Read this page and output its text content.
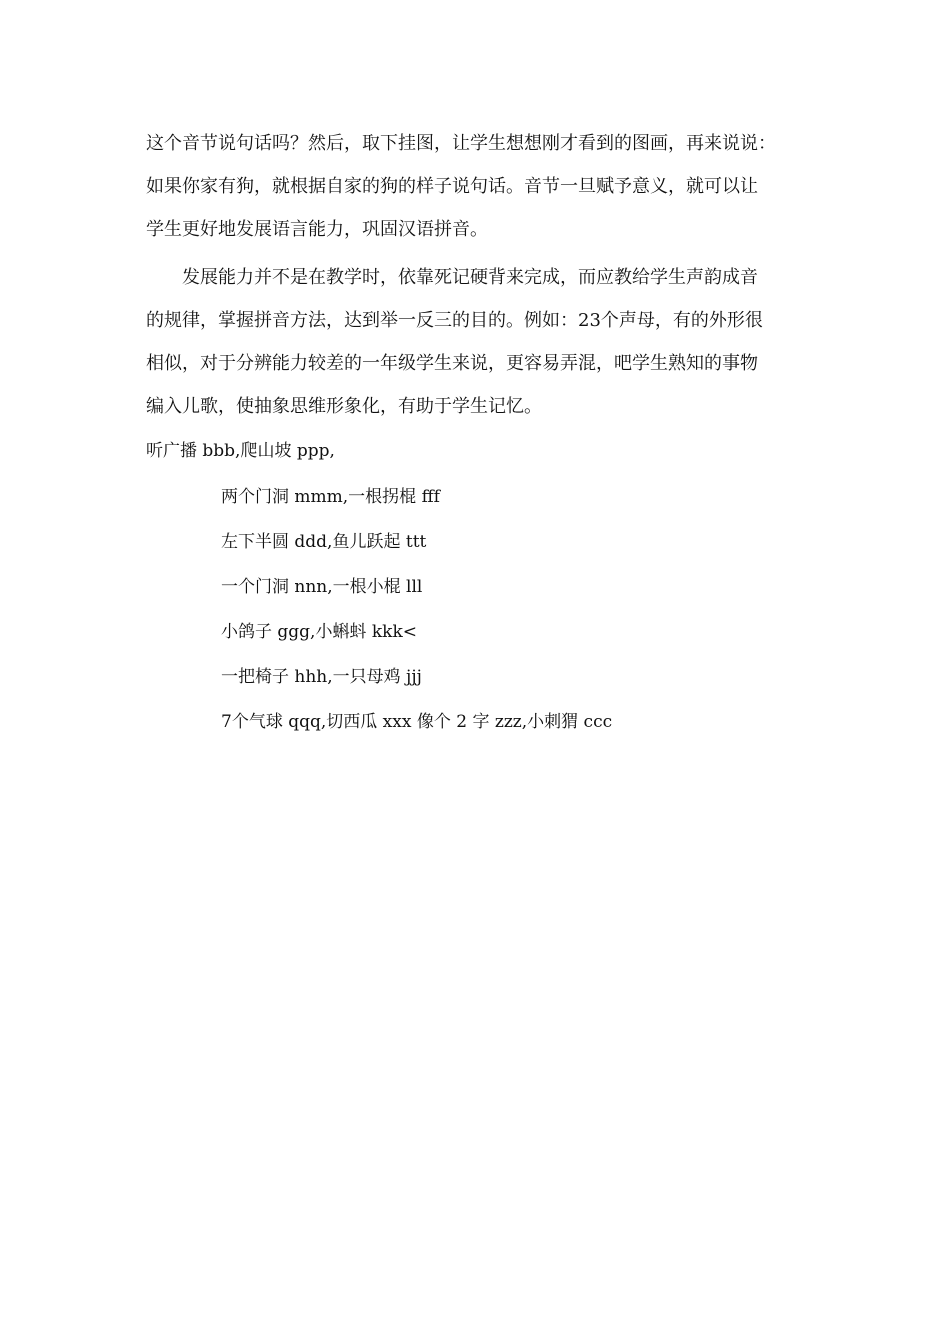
这个音节说句话吗？然后，取下挂图，让学生想想刚才看到的图画，再来说说：
如果你家有狗，就根据自家的狗的样子说句话。音节一旦赋予意义，就可以让
学生更好地发展语言能力，巩固汉语拼音。

发展能力并不是在教学时，依靠死记硬背来完成，而应教给学生声韵成音
的规律，掌握拼音方法，达到举一反三的目的。例如：23个声母，有的外形很
相似，对于分辨能力较差的一年级学生来说，更容易弄混，吧学生熟知的事物
编入儿歌，使抽象思维形象化，有助于学生记忆。

听广播 bbb,爬山坡 ppp,

两个门洞 mmm,一根拐棍 fff
左下半圆 ddd,鱼儿跃起 ttt
一个门洞 nnn,一根小棍 lll
小鸽子 ggg,小蝌蚪 kkk<
一把椅子 hhh,一只母鸡 jjj
7个气球 qqq,切西瓜 xxx 像个 2 字 zzz,小刺猬 ccc
